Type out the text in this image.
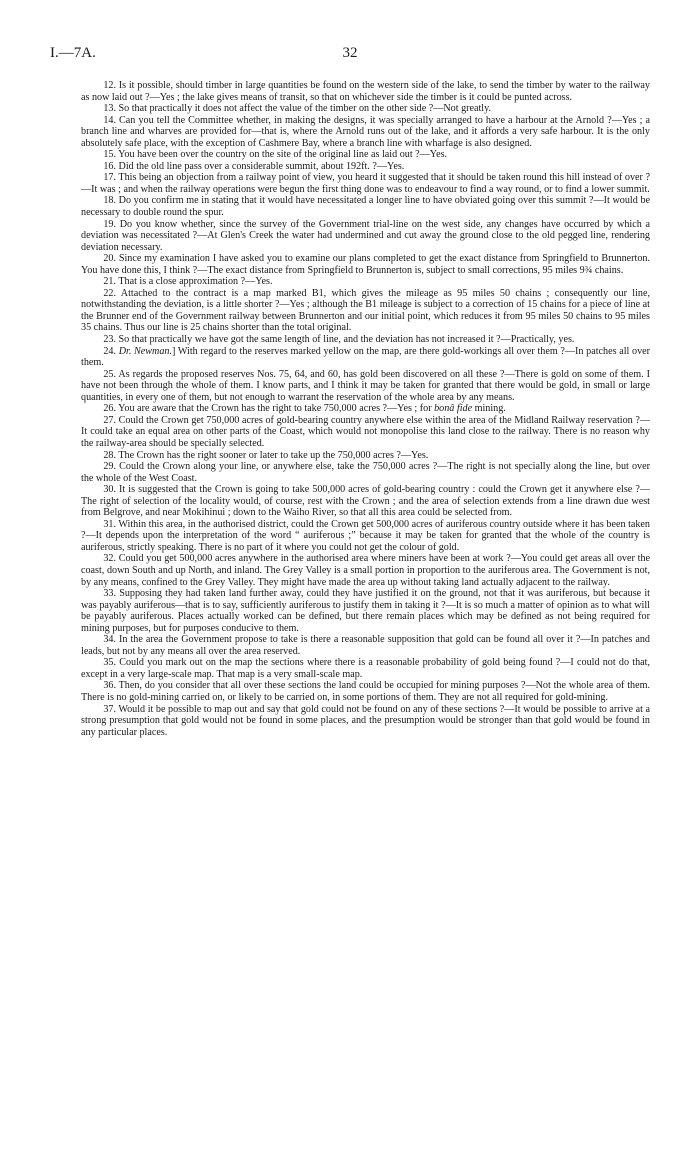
I.—7A.	32

12. Is it possible, should timber in large quantities be found on the western side of the lake, to send the timber by water to the railway as now laid out ?—Yes ; the lake gives means of transit, so that on whichever side the timber is it could be punted across.

13. So that practically it does not affect the value of the timber on the other side ?—Not greatly.

14. Can you tell the Committee whether, in making the designs, it was specially arranged to have a harbour at the Arnold ?—Yes ; a branch line and wharves are provided for—that is, where the Arnold runs out of the lake, and it affords a very safe harbour. It is the only absolutely safe place, with the exception of Cashmere Bay, where a branch line with wharfage is also designed.

15. You have been over the country on the site of the original line as laid out ?—Yes.

16. Did the old line pass over a considerable summit, about 192ft. ?—Yes.

17. This being an objection from a railway point of view, you heard it suggested that it should be taken round this hill instead of over ?—It was ; and when the railway operations were begun the first thing done was to endeavour to find a way round, or to find a lower summit.

18. Do you confirm me in stating that it would have necessitated a longer line to have obviated going over this summit ?—It would be necessary to double round the spur.

19. Do you know whether, since the survey of the Government trial-line on the west side, any changes have occurred by which a deviation was necessitated ?—At Glen's Creek the water had undermined and cut away the ground close to the old pegged line, rendering deviation necessary.

20. Since my examination I have asked you to examine our plans completed to get the exact distance from Springfield to Brunnerton. You have done this, I think ?—The exact distance from Springfield to Brunnerton is, subject to small corrections, 95 miles 9¾ chains.

21. That is a close approximation ?—Yes.

22. Attached to the contract is a map marked B1, which gives the mileage as 95 miles 50 chains ; consequently our line, notwithstanding the deviation, is a little shorter ?—Yes ; although the B1 mileage is subject to a correction of 15 chains for a piece of line at the Brunner end of the Government railway between Brunnerton and our initial point, which reduces it from 95 miles 50 chains to 95 miles 35 chains. Thus our line is 25 chains shorter than the total original.

23. So that practically we have got the same length of line, and the deviation has not increased it ?—Practically, yes.

24. Dr. Newman.] With regard to the reserves marked yellow on the map, are there gold-workings all over them ?—In patches all over them.

25. As regards the proposed reserves Nos. 75, 64, and 60, has gold been discovered on all these ?—There is gold on some of them. I have not been through the whole of them. I know parts, and I think it may be taken for granted that there would be gold, in small or large quantities, in every one of them, but not enough to warrant the reservation of the whole area by any means.

26. You are aware that the Crown has the right to take 750,000 acres ?—Yes ; for bonâ fide mining.

27. Could the Crown get 750,000 acres of gold-bearing country anywhere else within the area of the Midland Railway reservation ?—It could take an equal area on other parts of the Coast, which would not monopolise this land close to the railway. There is no reason why the railway-area should be specially selected.

28. The Crown has the right sooner or later to take up the 750,000 acres ?—Yes.

29. Could the Crown along your line, or anywhere else, take the 750,000 acres ?—The right is not specially along the line, but over the whole of the West Coast.

30. It is suggested that the Crown is going to take 500,000 acres of gold-bearing country : could the Crown get it anywhere else ?—The right of selection of the locality would, of course, rest with the Crown ; and the area of selection extends from a line drawn due west from Belgrove, and near Mokihinui ; down to the Waiho River, so that all this area could be selected from.

31. Within this area, in the authorised district, could the Crown get 500,000 acres of auriferous country outside where it has been taken ?—It depends upon the interpretation of the word “ auriferous ;” because it may be taken for granted that the whole of the country is auriferous, strictly speaking. There is no part of it where you could not get the colour of gold.

32. Could you get 500,000 acres anywhere in the authorised area where miners have been at work ?—You could get areas all over the coast, down South and up North, and inland. The Grey Valley is a small portion in proportion to the auriferous area. The Government is not, by any means, confined to the Grey Valley. They might have made the area up without taking land actually adjacent to the railway.

33. Supposing they had taken land further away, could they have justified it on the ground, not that it was auriferous, but because it was payably auriferous—that is to say, sufficiently auriferous to justify them in taking it ?—It is so much a matter of opinion as to what will be payably auriferous. Places actually worked can be defined, but there remain places which may be defined as not being required for mining purposes, but for purposes conducive to them.

34. In the area the Government propose to take is there a reasonable supposition that gold can be found all over it ?—In patches and leads, but not by any means all over the area reserved.

35. Could you mark out on the map the sections where there is a reasonable probability of gold being found ?—I could not do that, except in a very large-scale map. That map is a very small-scale map.

36. Then, do you consider that all over these sections the land could be occupied for mining purposes ?—Not the whole area of them. There is no gold-mining carried on, or likely to be carried on, in some portions of them. They are not all required for gold-mining.

37. Would it be possible to map out and say that gold could not be found on any of these sections ?—It would be possible to arrive at a strong presumption that gold would not be found in some places, and the presumption would be stronger than that gold would be found in any particular places.
